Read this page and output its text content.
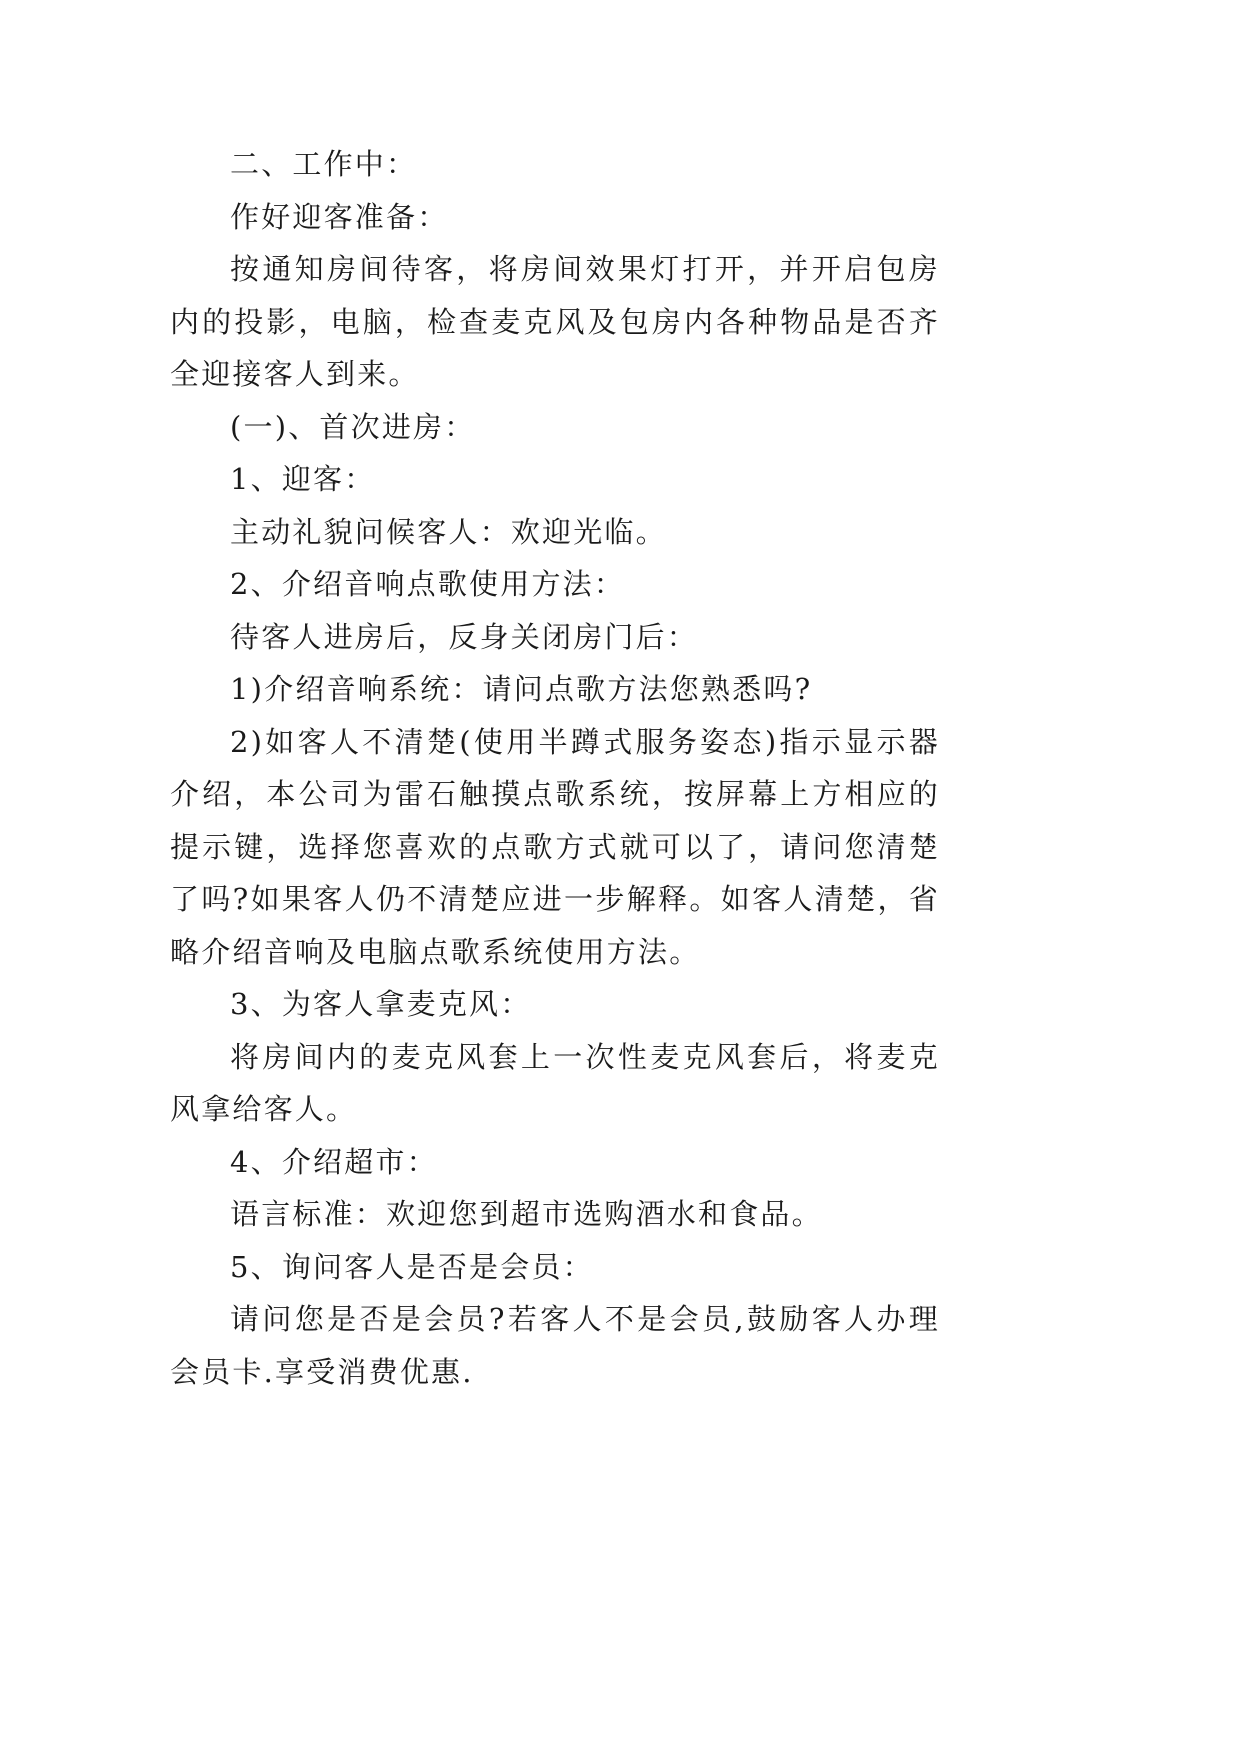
二、工作中：

作好迎客准备：

按通知房间待客，将房间效果灯打开，并开启包房内的投影，电脑，检查麦克风及包房内各种物品是否齐全迎接客人到来。

(一)、首次进房：

1、迎客：

主动礼貌问候客人：欢迎光临。

2、介绍音响点歌使用方法：

待客人进房后，反身关闭房门后：

1)介绍音响系统：请问点歌方法您熟悉吗?

2)如客人不清楚(使用半蹲式服务姿态)指示显示器介绍，本公司为雷石触摸点歌系统，按屏幕上方相应的提示键，选择您喜欢的点歌方式就可以了，请问您清楚了吗?如果客人仍不清楚应进一步解释。如客人清楚，省略介绍音响及电脑点歌系统使用方法。

3、为客人拿麦克风：

将房间内的麦克风套上一次性麦克风套后，将麦克风拿给客人。

4、介绍超市：

语言标准：欢迎您到超市选购酒水和食品。

5、询问客人是否是会员：

请问您是否是会员?若客人不是会员,鼓励客人办理会员卡.享受消费优惠.
